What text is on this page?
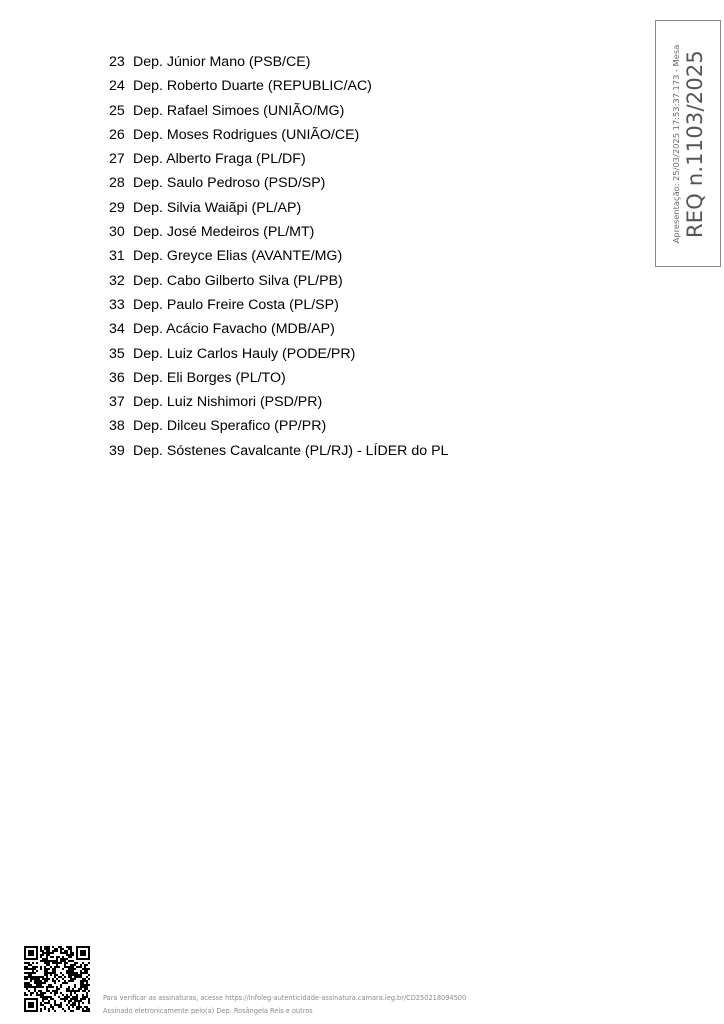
23 Dep. Júnior Mano (PSB/CE)
24 Dep. Roberto Duarte (REPUBLIC/AC)
25 Dep. Rafael Simoes (UNIÃO/MG)
26 Dep. Moses Rodrigues (UNIÃO/CE)
27 Dep. Alberto Fraga (PL/DF)
28 Dep. Saulo Pedroso (PSD/SP)
29 Dep. Silvia Waiãpi (PL/AP)
30 Dep. José Medeiros (PL/MT)
31 Dep. Greyce Elias (AVANTE/MG)
32 Dep. Cabo Gilberto Silva (PL/PB)
33 Dep. Paulo Freire Costa (PL/SP)
34 Dep. Acácio Favacho (MDB/AP)
35 Dep. Luiz Carlos Hauly (PODE/PR)
36 Dep. Eli Borges (PL/TO)
37 Dep. Luiz Nishimori (PSD/PR)
38 Dep. Dilceu Sperafico (PP/PR)
39 Dep. Sóstenes Cavalcante (PL/RJ) - LÍDER do PL
Apresentação: 25/03/2025 17:53:37.173 - Mesa REQ n.1103/2025
Para verificar as assinaturas, acesse https://infoleg-autenticidade-assinatura.camara.leg.br/CD250218094500
Assinado eletronicamente pelo(a) Dep. Rosângela Reis e outros
